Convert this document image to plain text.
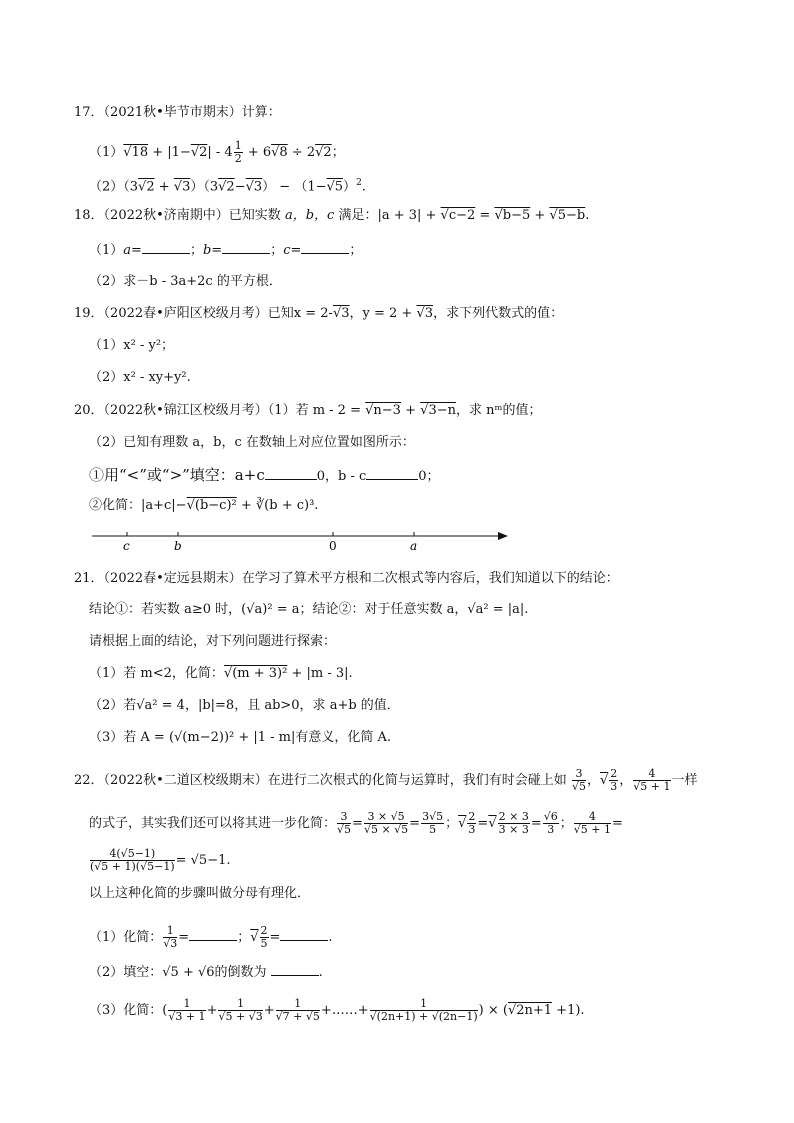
17．（2021秋•毕节市期末）计算：
$(1)√18 + |1-√2| - 4 \frac{1}{2} + 6√8 \div 2√2$；
$(2)(3√2 + √3)(3√2-√3) - (1-√5)^2$.
18．（2022秋•济南期中）已知实数 a，b，c 满足：|a + 3| + √c−2 = √b−5 + √5−b.
（1）a=	；b=	；c=	；
（2）求－b - 3a+2c 的平方根．
19．（2022春•庐阳区校级月考）已知x = 2-√3，y = 2 + √3，求下列代数式的值：
（1）x² - y²；
（2）x² - xy+y².
20．（2022秋•锦江区校级月考）（1）若 m - 2 = √n−3 + √3−n，求 nᵐ的值；
（2）已知有理数 a，b，c 在数轴上对应位置如图所示：
①用“<”或“>”填空：a+c	0，b - c	0；
②化简：|a+c|−√(b−c)² + ∛(b + c)³.
c	b	0	a
21．（2022春•定远县期末）在学习了算术平方根和二次根式等内容后，我们知道以下的结论：
结论①：若实数 a≥0 时，(√a)² = a；结论②：对于任意实数 a，√a² = |a|.
请根据上面的结论，对下列问题进行探索：
（1）若 m<2，化简：√(m + 3)² + |m - 3|.
（2）若√a² = 4，|b|=8，且 ab>0，求 a+b 的值．
（3）若 A = (√(m−2))² + |1 - m|有意义，化简 A.
22．（2022秋•二道区校级期末）在进行二次根式的化简与运算时，我们有时会碰上如 $\frac{3}{√5}$ ，√ $\frac{2}{3}$ ， $\frac{4}{√5 + 1}$ 一样
的式子，其实我们还可以将其进一步化简： $\frac{3}{√5} = \frac{3 \times √5}{√5 \times √5} = \frac{3√5}{5}$ ；√ $\frac{2}{3}$ =√ $\frac{2 \times 3}{3 \times 3} = \frac{√6}{3}$ ； $\frac{4}{√5 + 1}$ =
$\frac{4(√5-1)}{(√5 + 1)(√5-1)} = √5-1$.
以上这种化简的步骤叫做分母有理化．
（1）化简： $\frac{1}{√3}$ =	；√ $\frac{2}{5}$ =	.
（2）填空：√5 + √6的倒数为	.
（3）化简：( $\frac{1}{√3 + 1} + \frac{1}{√5 + √3} + \frac{1}{√7 + √5}$ +……+ $\frac{1}{√(2n+1) + √(2n-1)}$ ) × (√2n+1 +1).
